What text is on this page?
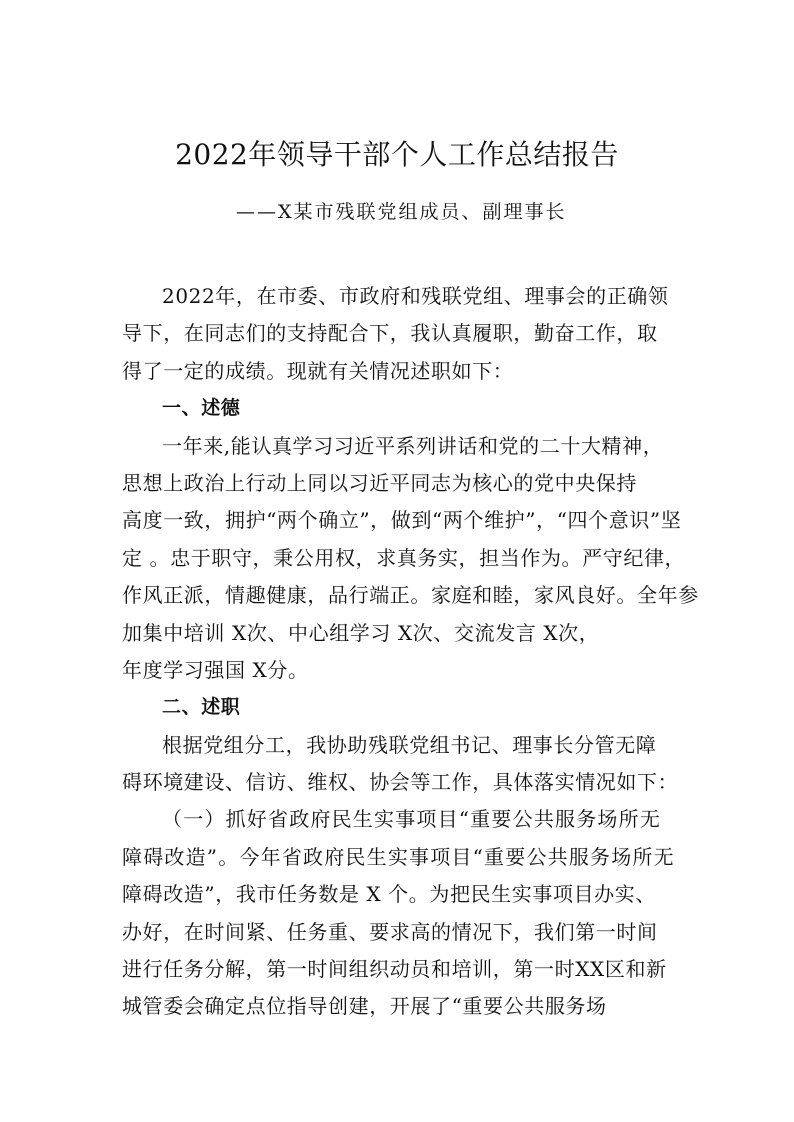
2022年领导干部个人工作总结报告
——X某市残联党组成员、副理事长
2022年，在市委、市政府和残联党组、理事会的正确领
导下，在同志们的支持配合下，我认真履职，勤奋工作，取
得了一定的成绩。现就有关情况述职如下：
一、述德
一年来,能认真学习习近平系列讲话和党的二十大精神，
思想上政治上行动上同以习近平同志为核心的党中央保持
高度一致，拥护“两个确立”，做到“两个维护”，“四个意识”坚
定 。忠于职守，秉公用权，求真务实，担当作为。严守纪律，
作风正派，情趣健康，品行端正。家庭和睦，家风良好。全年参
加集中培训 X次、中心组学习 X次、交流发言 X次，
年度学习强国 X分。
二、述职
根据党组分工，我协助残联党组书记、理事长分管无障
碍环境建设、信访、维权、协会等工作，具体落实情况如下：
（一）抓好省政府民生实事项目“重要公共服务场所无
障碍改造”。今年省政府民生实事项目“重要公共服务场所无
障碍改造”，我市任务数是 X 个。为把民生实事项目办实、
办好，在时间紧、任务重、要求高的情况下，我们第一时间
进行任务分解，第一时间组织动员和培训，第一时XX区和新
城管委会确定点位指导创建，开展了“重要公共服务场
